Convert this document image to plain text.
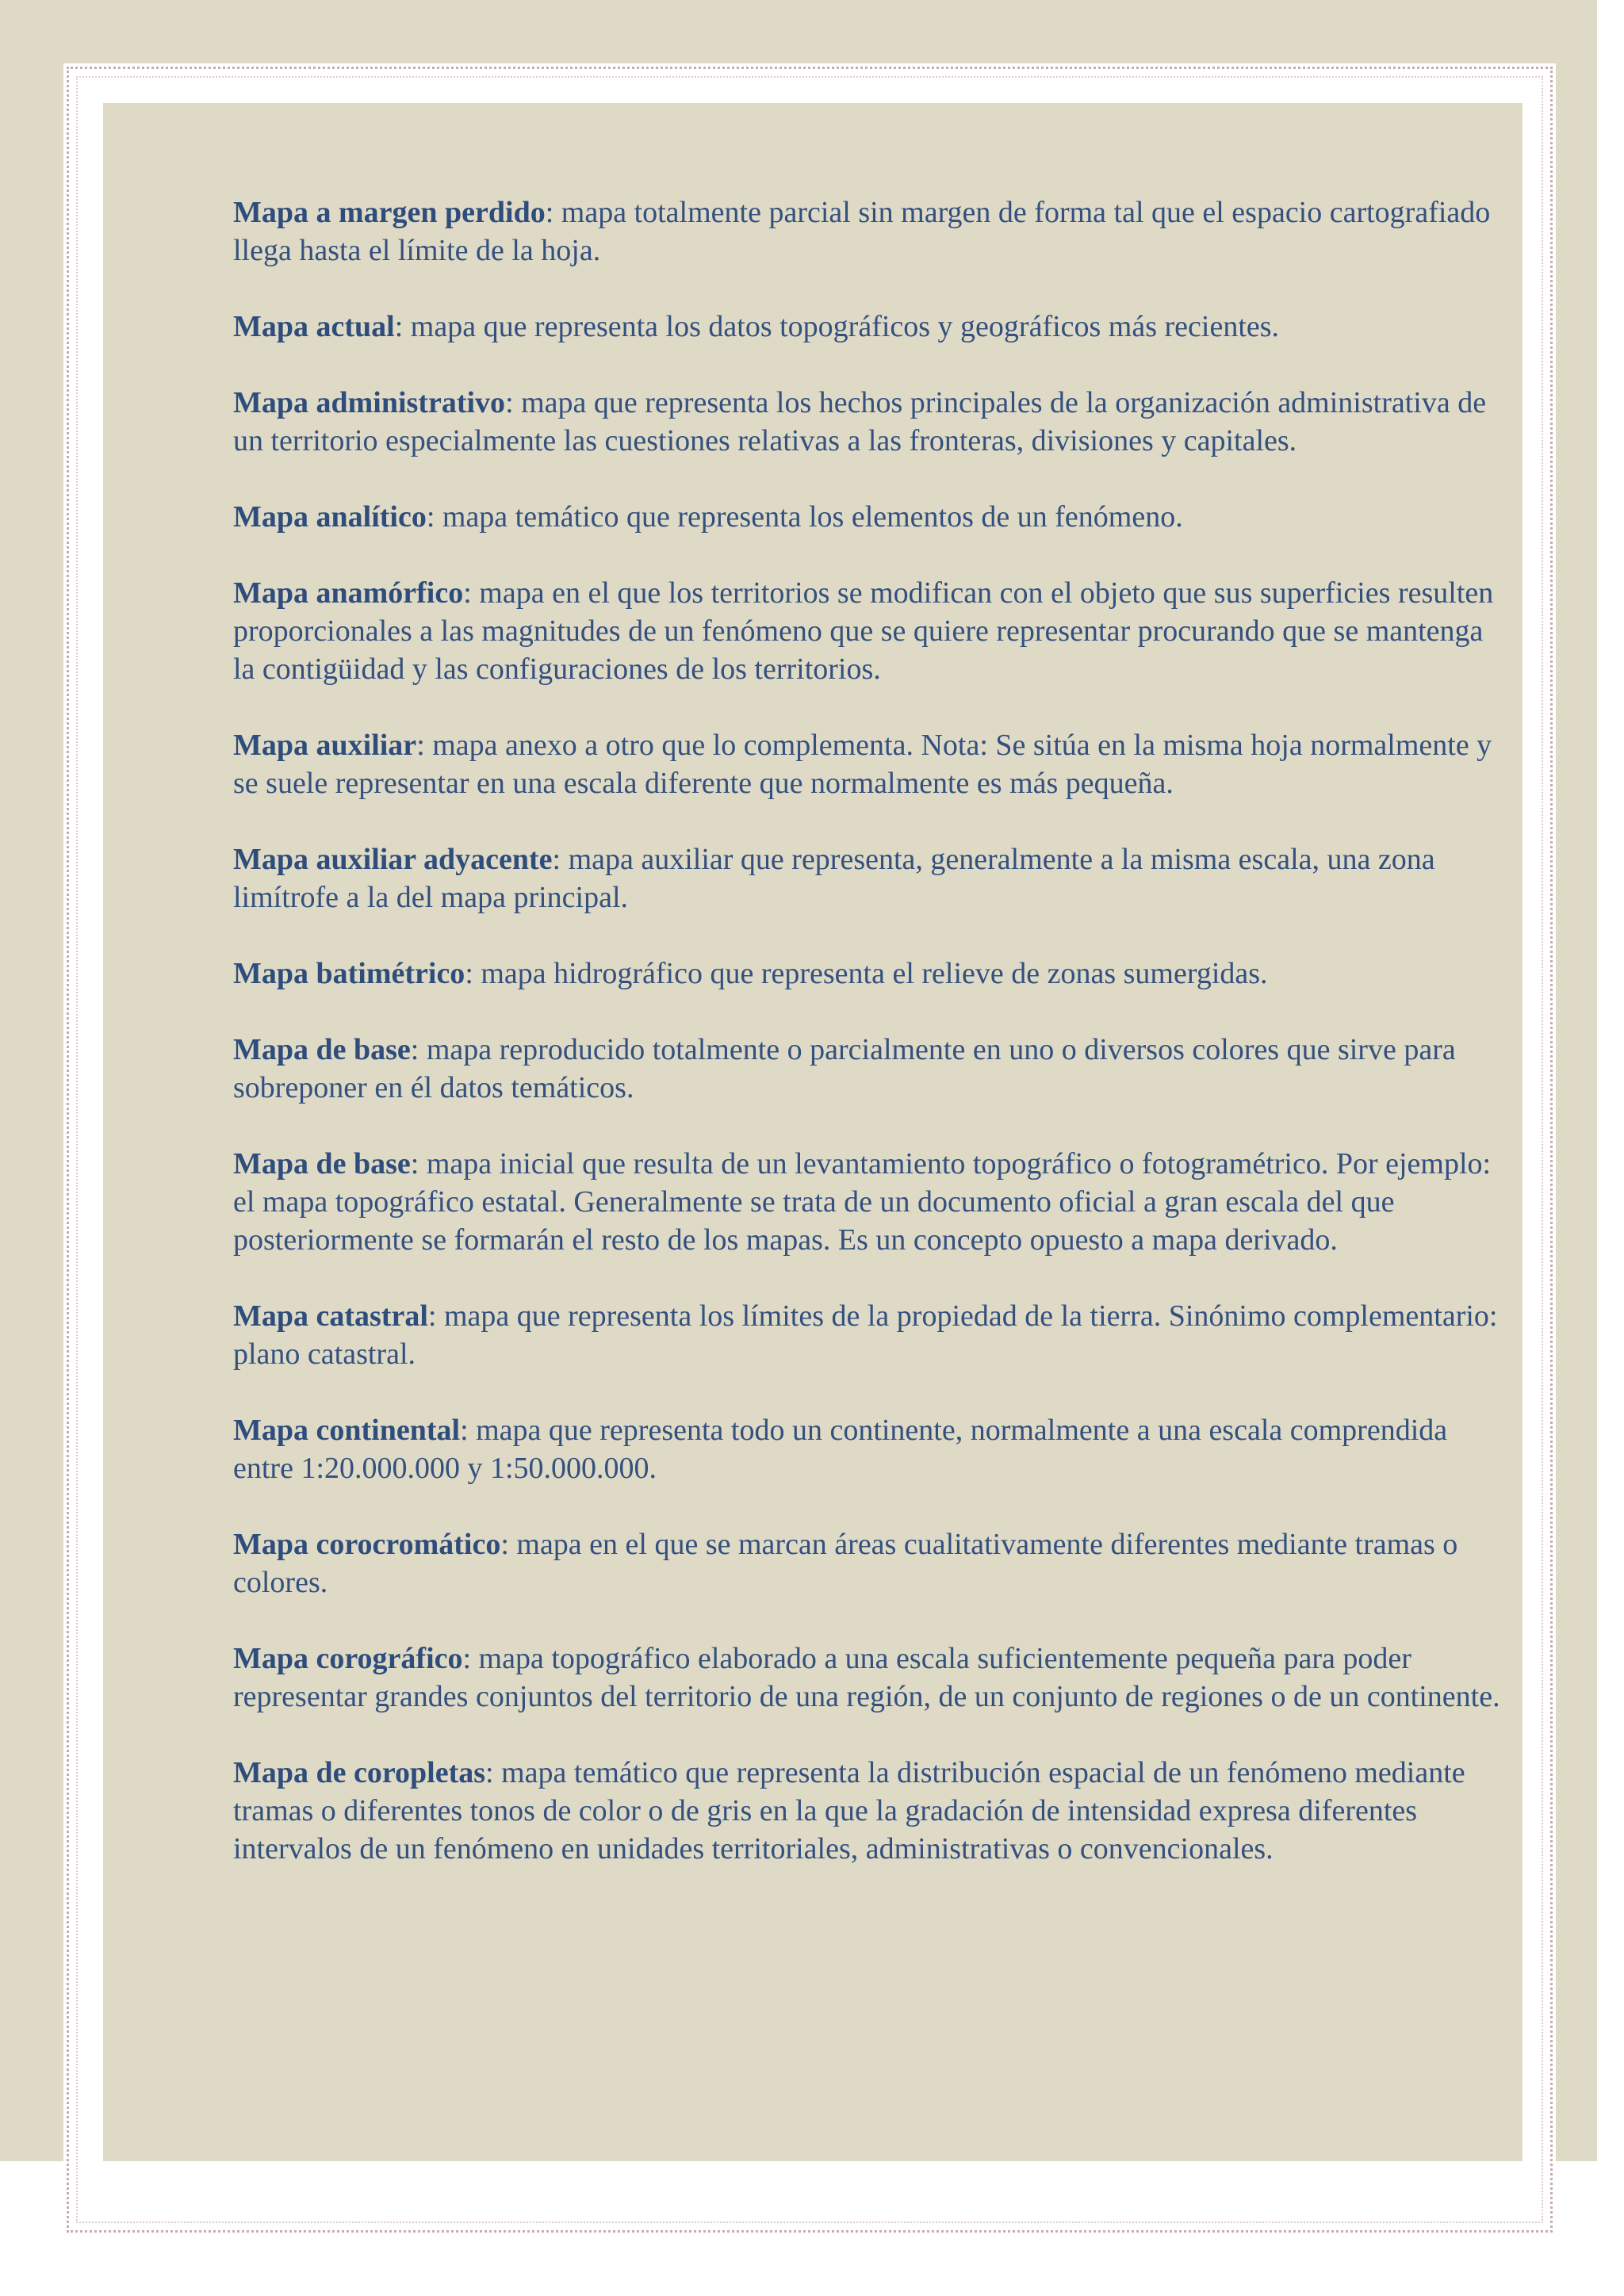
Mapa a margen perdido: mapa totalmente parcial sin margen de forma tal que el espacio cartografiado llega hasta el límite de la hoja.

Mapa actual: mapa que representa los datos topográficos y geográficos más recientes.

Mapa administrativo: mapa que representa los hechos principales de la organización administrativa de un territorio especialmente las cuestiones relativas a las fronteras, divisiones y capitales.

Mapa analítico: mapa temático que representa los elementos de un fenómeno.

Mapa anamórfico: mapa en el que los territorios se modifican con el objeto que sus superficies resulten proporcionales a las magnitudes de un fenómeno que se quiere representar procurando que se mantenga la contigüidad y las configuraciones de los territorios.

Mapa auxiliar: mapa anexo a otro que lo complementa. Nota: Se sitúa en la misma hoja normalmente y se suele representar en una escala diferente que normalmente es más pequeña.

Mapa auxiliar adyacente: mapa auxiliar que representa, generalmente a la misma escala, una zona limítrofe a la del mapa principal.

Mapa batimétrico: mapa hidrográfico que representa el relieve de zonas sumergidas.

Mapa de base: mapa reproducido totalmente o parcialmente en uno o diversos colores que sirve para sobreponer en él datos temáticos.

Mapa de base: mapa inicial que resulta de un levantamiento topográfico o fotogramétrico. Por ejemplo: el mapa topográfico estatal. Generalmente se trata de un documento oficial a gran escala del que posteriormente se formarán el resto de los mapas. Es un concepto opuesto a mapa derivado.

Mapa catastral: mapa que representa los límites de la propiedad de la tierra. Sinónimo complementario: plano catastral.

Mapa continental: mapa que representa todo un continente, normalmente a una escala comprendida entre 1:20.000.000 y 1:50.000.000.

Mapa corocromático: mapa en el que se marcan áreas cualitativamente diferentes mediante tramas o colores.

Mapa corográfico: mapa topográfico elaborado a una escala suficientemente pequeña para poder representar grandes conjuntos del territorio de una región, de un conjunto de regiones o de un continente.

Mapa de coropletas: mapa temático que representa la distribución espacial de un fenómeno mediante tramas o diferentes tonos de color o de gris en la que la gradación de intensidad expresa diferentes intervalos de un fenómeno en unidades territoriales, administrativas o convencionales.
